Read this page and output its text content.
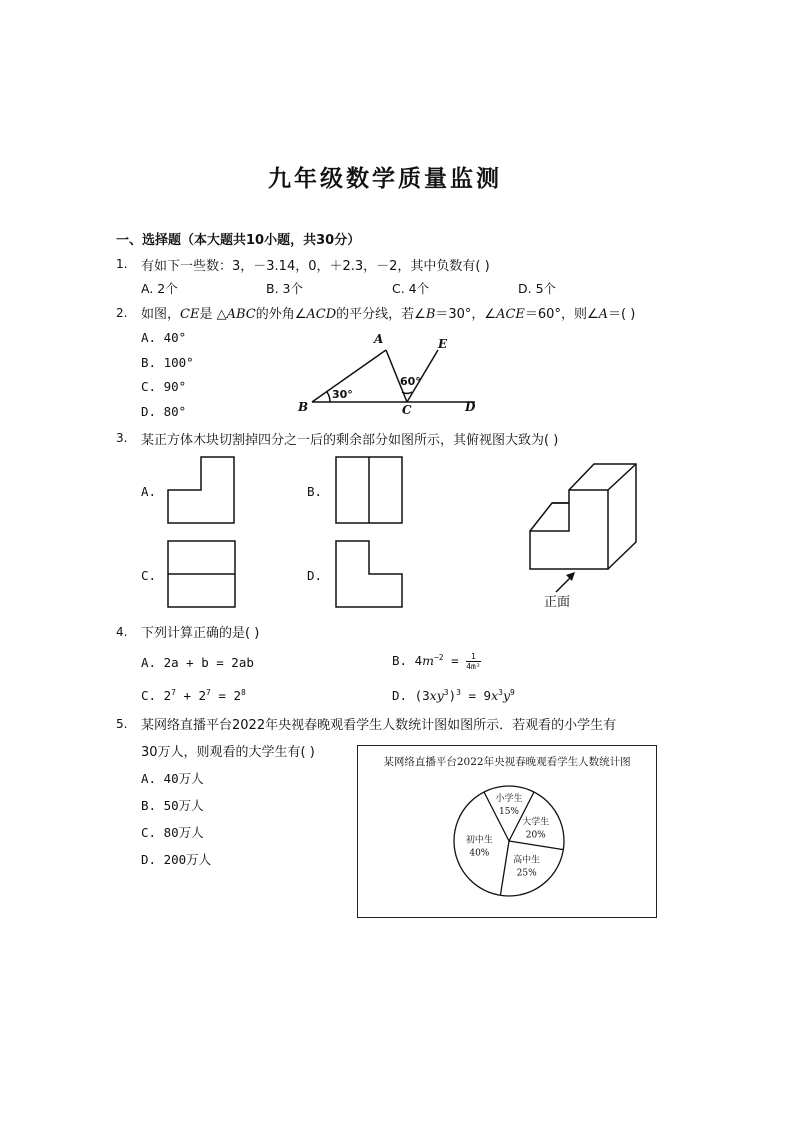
九年级数学质量监测
一、选择题（本大题共10小题，共30分）
1. 有如下一些数：3，－3.14，0，＋2.3，－2，其中负数有( )
A. 2个	B. 3个	C. 4个	D. 5个
2. 如图，CE是 △ABC的外角∠ACD的平分线，若∠B＝30°，∠ACE＝60°，则∠A＝( )
A. 40°
B. 100°
C. 90°
D. 80°
A
B	C	D
E
30°
60°
3. 某正方体木块切割掉四分之一后的剩余部分如图所示，其俯视图大致为( )
A.	B.
C.	D.
正面
4. 下列计算正确的是( )
A. 2a + b = 2ab	B. $4m^{-2} = \frac{1}{\text{4m²}}$
C. $2^7 + 2^7 = 2^8$	D. $(3xy^3)^3 = 9x^3y^9$
5. 某网络直播平台2022年央视春晚观看学生人数统计图如图所示．若观看的小学生有
30万人，则观看的大学生有( )
A. 40万人
B. 50万人
C. 80万人
D. 200万人
某网络直播平台2022年央视春晚观看学生人数统计图
小学生
15%
大学生
20%
高中生
25%
初中生
40%
